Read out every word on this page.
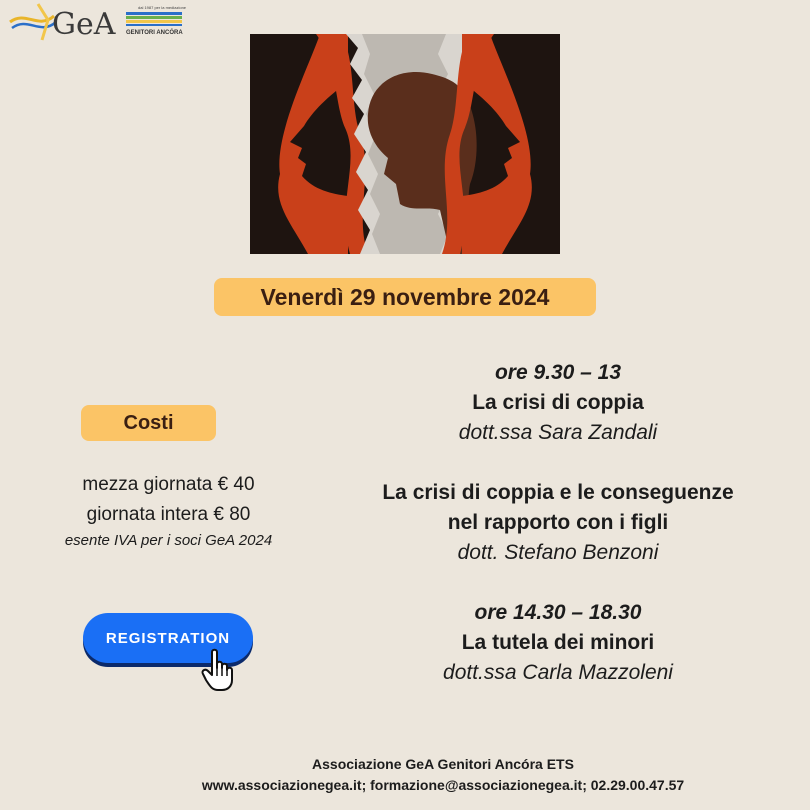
GeA	dal 1987 per la mediazione
GENITORI ANCÓRA
Venerdì 29 novembre 2024
Costi
mezza giornata € 40
giornata intera € 80
esente IVA per i soci GeA 2024
REGISTRATION
ore 9.30 – 13
La crisi di coppia
dott.ssa Sara Zandali
La crisi di coppia e le conseguenze
nel rapporto con i figli
dott. Stefano Benzoni
ore 14.30 – 18.30
La tutela dei minori
dott.ssa Carla Mazzoleni
Associazione GeA Genitori Ancóra ETS
www.associazionegea.it; formazione@associazionegea.it; 02.29.00.47.57
